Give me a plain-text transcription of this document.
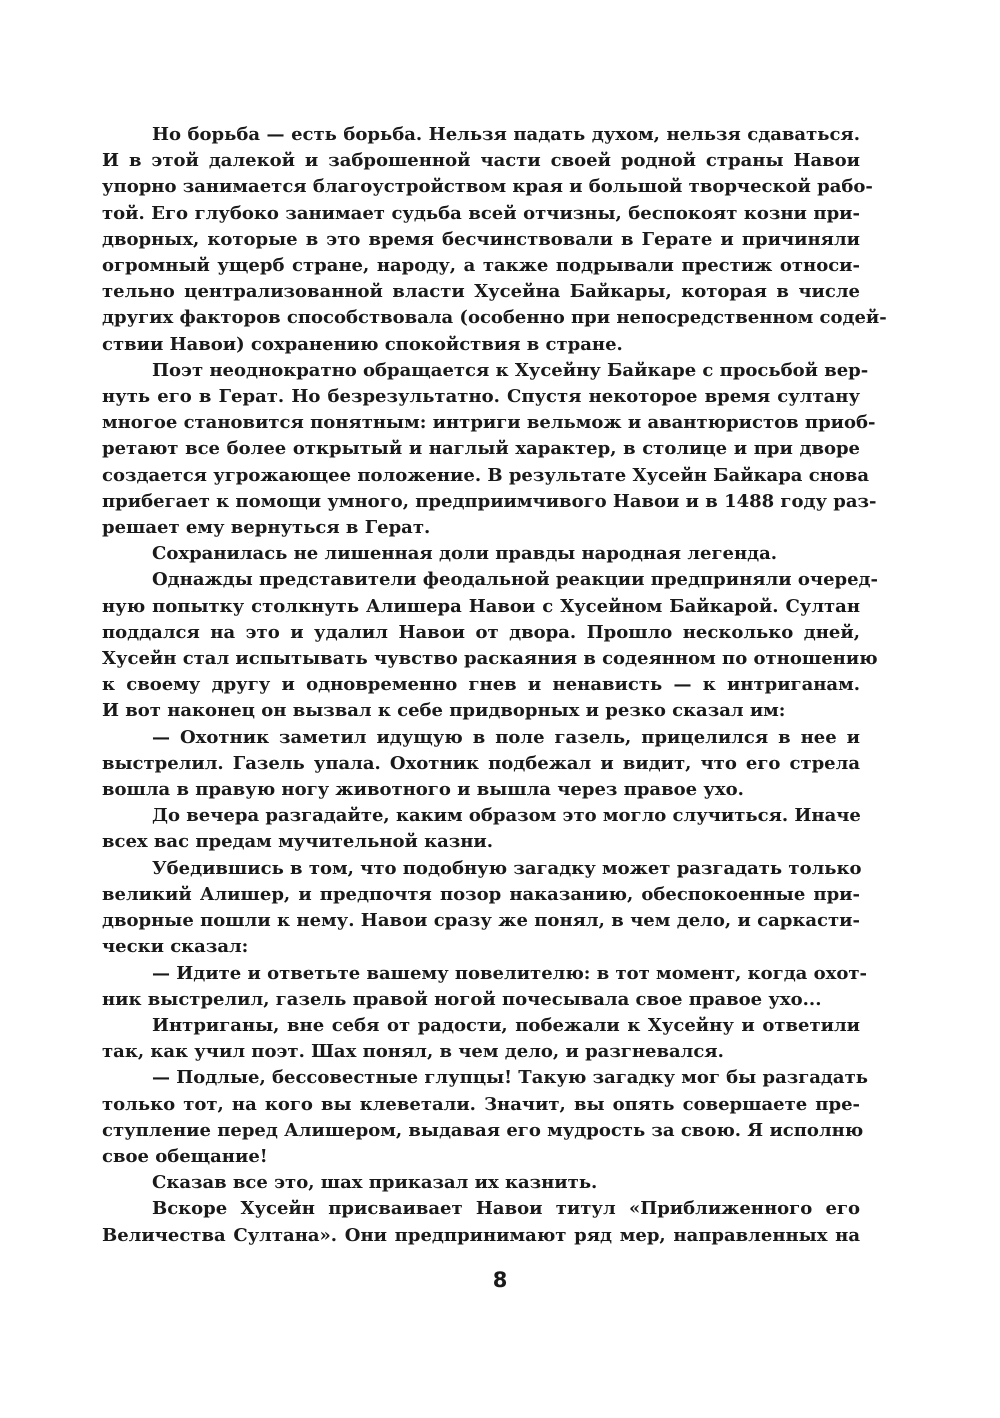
Но борьба — есть борьба. Нельзя падать духом, нельзя сдаваться.
И в этой далекой и заброшенной части своей родной страны Навои
упорно занимается благоустройством края и большой творческой рабо-
той. Его глубоко занимает судьба всей отчизны, беспокоят козни при-
дворных, которые в это время бесчинствовали в Герате и причиняли
огромный ущерб стране, народу, а также подрывали престиж относи-
тельно централизованной власти Хусейна Байкары, которая в числе
других факторов способствовала (особенно при непосредственном содей-
ствии Навои) сохранению спокойствия в стране.
Поэт неоднократно обращается к Хусейну Байкаре с просьбой вер-
нуть его в Герат. Но безрезультатно. Спустя некоторое время султану
многое становится понятным: интриги вельмож и авантюристов приоб-
ретают все более открытый и наглый характер, в столице и при дворе
создается угрожающее положение. В результате Хусейн Байкара снова
прибегает к помощи умного, предприимчивого Навои и в 1488 году раз-
решает ему вернуться в Герат.
Сохранилась не лишенная доли правды народная легенда.
Однажды представители феодальной реакции предприняли очеред-
ную попытку столкнуть Алишера Навои с Хусейном Байкарой. Султан
поддался на это и удалил Навои от двора. Прошло несколько дней,
Хусейн стал испытывать чувство раскаяния в содеянном по отношению
к своему другу и одновременно гнев и ненависть — к интриганам.
И вот наконец он вызвал к себе придворных и резко сказал им:
— Охотник заметил идущую в поле газель, прицелился в нее и
выстрелил. Газель упала. Охотник подбежал и видит, что его стрела
вошла в правую ногу животного и вышла через правое ухо.
До вечера разгадайте, каким образом это могло случиться. Иначе
всех вас предам мучительной казни.
Убедившись в том, что подобную загадку может разгадать только
великий Алишер, и предпочтя позор наказанию, обеспокоенные при-
дворные пошли к нему. Навои сразу же понял, в чем дело, и саркасти-
чески сказал:
— Идите и ответьте вашему повелителю: в тот момент, когда охот-
ник выстрелил, газель правой ногой почесывала свое правое ухо...
Интриганы, вне себя от радости, побежали к Хусейну и ответили
так, как учил поэт. Шах понял, в чем дело, и разгневался.
— Подлые, бессовестные глупцы! Такую загадку мог бы разгадать
только тот, на кого вы клеветали. Значит, вы опять совершаете пре-
ступление перед Алишером, выдавая его мудрость за свою. Я исполню
свое обещание!
Сказав все это, шах приказал их казнить.
Вскоре Хусейн присваивает Навои титул «Приближенного его
Величества Султана». Они предпринимают ряд мер, направленных на
8
